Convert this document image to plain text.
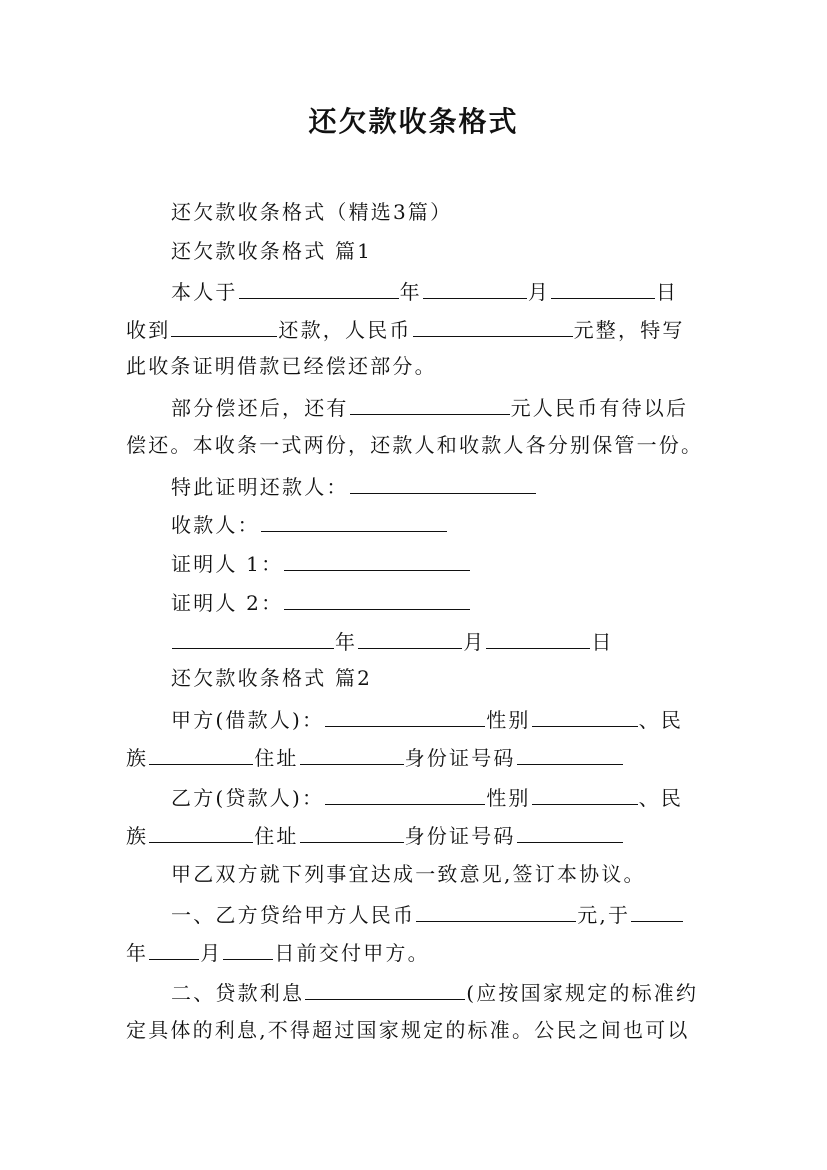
还欠款收条格式
还欠款收条格式（精选3篇）
还欠款收条格式 篇1
本人于	年	月	日
收到	还款，人民币	元整，特写
此收条证明借款已经偿还部分。
部分偿还后，还有	元人民币有待以后
偿还。本收条一式两份，还款人和收款人各分别保管一份。
特此证明还款人：
收款人：
证明人 1：
证明人 2：
年	月	日
还欠款收条格式 篇2
甲方(借款人)：	性别	、民
族	住址	身份证号码
乙方(贷款人)：	性别	、民
族	住址	身份证号码
甲乙双方就下列事宜达成一致意见,签订本协议。
一、乙方贷给甲方人民币	元,于
年	月	日前交付甲方。
二、贷款利息	(应按国家规定的标准约
定具体的利息,不得超过国家规定的标准。公民之间也可以
